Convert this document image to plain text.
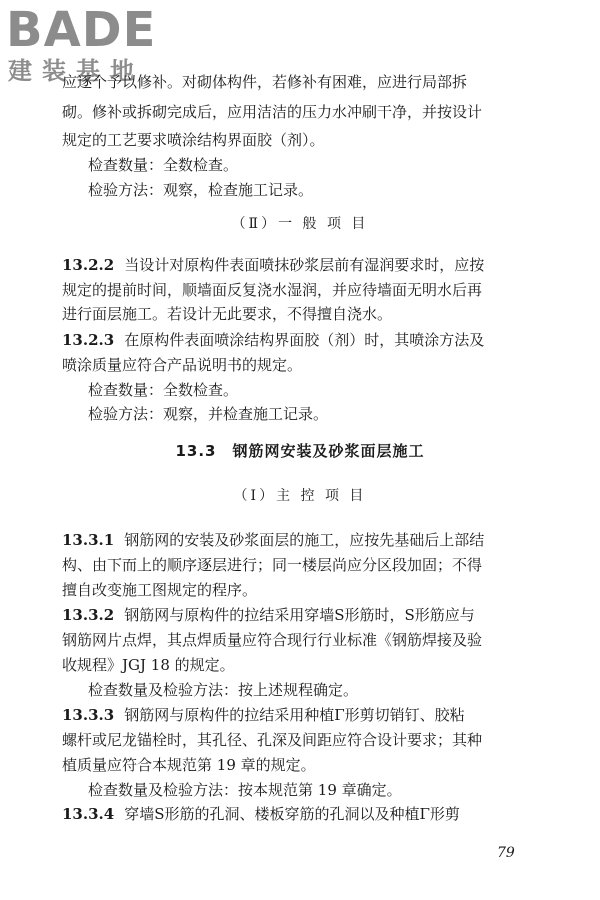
BADE
建装基地
应逐个予以修补。对砌体构件，若修补有困难，应进行局部拆
砌。修补或拆砌完成后，应用洁洁的压力水冲刷干净，并按设计
规定的工艺要求喷涂结构界面胶（剂）。
检查数量：全数检查。
检验方法：观察，检查施工记录。
（Ⅱ）一 般 项 目
13.2.2 当设计对原构件表面喷抹砂浆层前有湿润要求时，应按
规定的提前时间，顺墙面反复浇水湿润，并应待墙面无明水后再
进行面层施工。若设计无此要求，不得擅自浇水。
13.2.3 在原构件表面喷涂结构界面胶（剂）时，其喷涂方法及
喷涂质量应符合产品说明书的规定。
检查数量：全数检查。
检验方法：观察，并检查施工记录。
13.3　钢筋网安装及砂浆面层施工
（Ⅰ）主 控 项 目
13.3.1 钢筋网的安装及砂浆面层的施工，应按先基础后上部结
构、由下而上的顺序逐层进行；同一楼层尚应分区段加固；不得
擅自改变施工图规定的程序。
13.3.2 钢筋网与原构件的拉结采用穿墙S形筋时，S形筋应与
钢筋网片点焊，其点焊质量应符合现行行业标准《钢筋焊接及验
收规程》JGJ 18 的规定。
检查数量及检验方法：按上述规程确定。
13.3.3 钢筋网与原构件的拉结采用种植Γ形剪切销钉、胶粘
螺杆或尼龙锚栓时，其孔径、孔深及间距应符合设计要求；其种
植质量应符合本规范第 19 章的规定。
检查数量及检验方法：按本规范第 19 章确定。
13.3.4 穿墙S形筋的孔洞、楼板穿筋的孔洞以及种植Γ形剪
79
